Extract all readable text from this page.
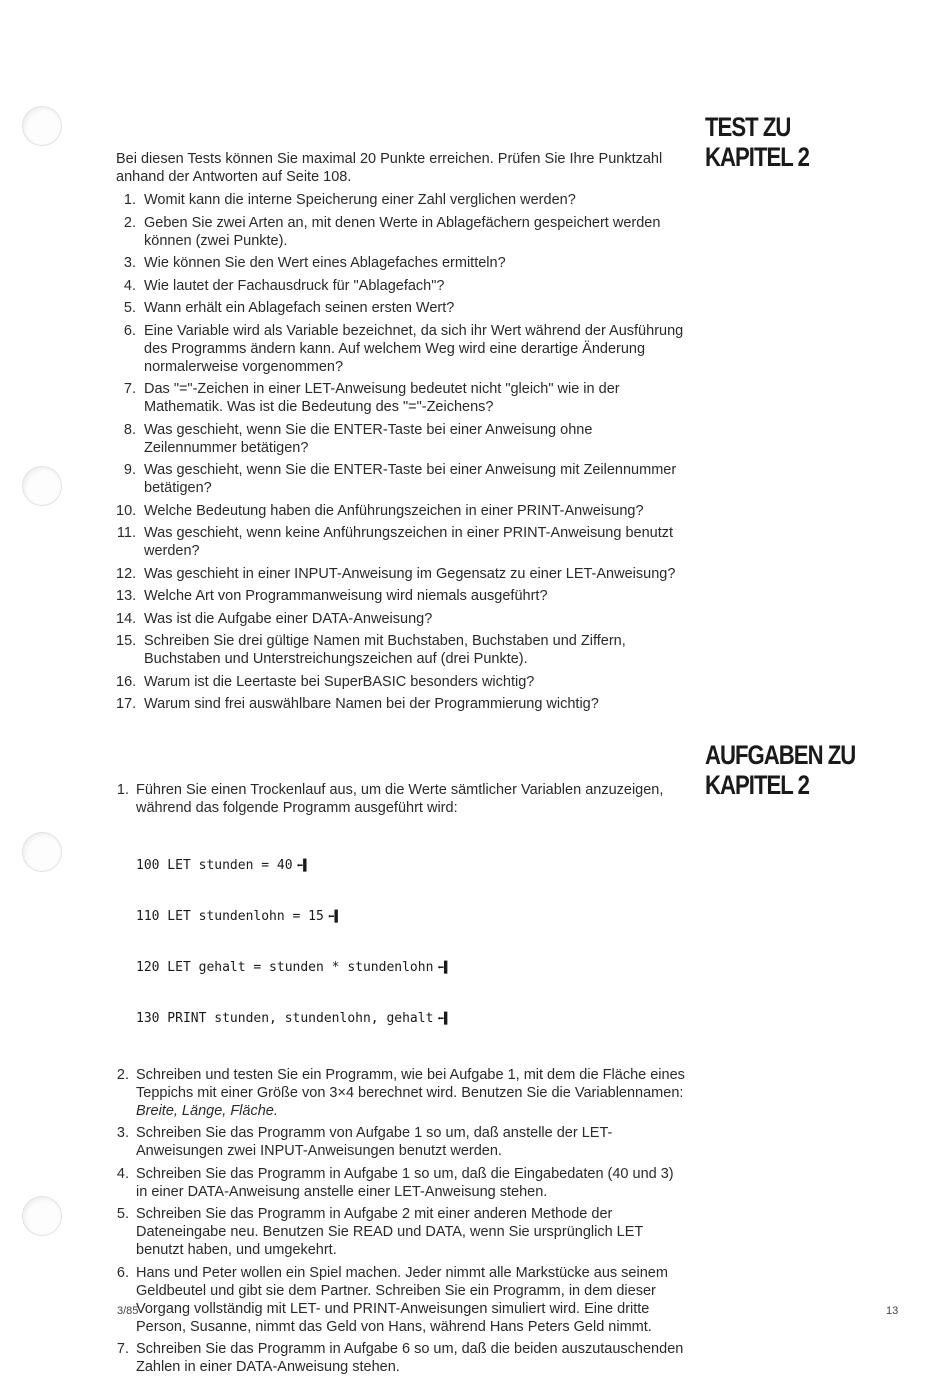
TEST ZU
KAPITEL 2

Bei diesen Tests können Sie maximal 20 Punkte erreichen. Prüfen Sie Ihre Punktzahl anhand der Antworten auf Seite 108.

1. Womit kann die interne Speicherung einer Zahl verglichen werden?
2. Geben Sie zwei Arten an, mit denen Werte in Ablagefächern gespeichert werden können (zwei Punkte).
3. Wie können Sie den Wert eines Ablagefaches ermitteln?
4. Wie lautet der Fachausdruck für "Ablagefach"?
5. Wann erhält ein Ablagefach seinen ersten Wert?
6. Eine Variable wird als Variable bezeichnet, da sich ihr Wert während der Ausführung des Programms ändern kann. Auf welchem Weg wird eine derartige Änderung normalerweise vorgenommen?
7. Das "="-Zeichen in einer LET-Anweisung bedeutet nicht "gleich" wie in der Mathematik. Was ist die Bedeutung des "="-Zeichens?
8. Was geschieht, wenn Sie die ENTER-Taste bei einer Anweisung ohne Zeilennummer betätigen?
9. Was geschieht, wenn Sie die ENTER-Taste bei einer Anweisung mit Zeilennummer betätigen?
10. Welche Bedeutung haben die Anführungszeichen in einer PRINT-Anweisung?
11. Was geschieht, wenn keine Anführungszeichen in einer PRINT-Anweisung benutzt werden?
12. Was geschieht in einer INPUT-Anweisung im Gegensatz zu einer LET-Anweisung?
13. Welche Art von Programmanweisung wird niemals ausgeführt?
14. Was ist die Aufgabe einer DATA-Anweisung?
15. Schreiben Sie drei gültige Namen mit Buchstaben, Buchstaben und Ziffern, Buchstaben und Unterstreichungszeichen auf (drei Punkte).
16. Warum ist die Leertaste bei SuperBASIC besonders wichtig?
17. Warum sind frei auswählbare Namen bei der Programmierung wichtig?
AUFGABEN ZU
KAPITEL 2
1. Führen Sie einen Trockenlauf aus, um die Werte sämtlicher Variablen anzuzeigen, während das folgende Programm ausgeführt wird:

100 LET stunden = 40 ⬅▌

110 LET stundenlohn = 15 ⬅▌

120 LET gehalt = stunden * stundenlohn ⬅▌

130 PRINT stunden, stundenlohn, gehalt ⬅▌

2. Schreiben und testen Sie ein Programm, wie bei Aufgabe 1, mit dem die Fläche eines Teppichs mit einer Größe von 3×4 berechnet wird. Benutzen Sie die Variablennamen: Breite, Länge, Fläche.
3. Schreiben Sie das Programm von Aufgabe 1 so um, daß anstelle der LET-Anweisungen zwei INPUT-Anweisungen benutzt werden.
4. Schreiben Sie das Programm in Aufgabe 1 so um, daß die Eingabedaten (40 und 3) in einer DATA-Anweisung anstelle einer LET-Anweisung stehen.
5. Schreiben Sie das Programm in Aufgabe 2 mit einer anderen Methode der Dateneingabe neu. Benutzen Sie READ und DATA, wenn Sie ursprünglich LET benutzt haben, und umgekehrt.
6. Hans und Peter wollen ein Spiel machen. Jeder nimmt alle Markstücke aus seinem Geldbeutel und gibt sie dem Partner. Schreiben Sie ein Programm, in dem dieser Vorgang vollständig mit LET- und PRINT-Anweisungen simuliert wird. Eine dritte Person, Susanne, nimmt das Geld von Hans, während Hans Peters Geld nimmt.
7. Schreiben Sie das Programm in Aufgabe 6 so um, daß die beiden auszutauschenden Zahlen in einer DATA-Anweisung stehen.
3/85	13
